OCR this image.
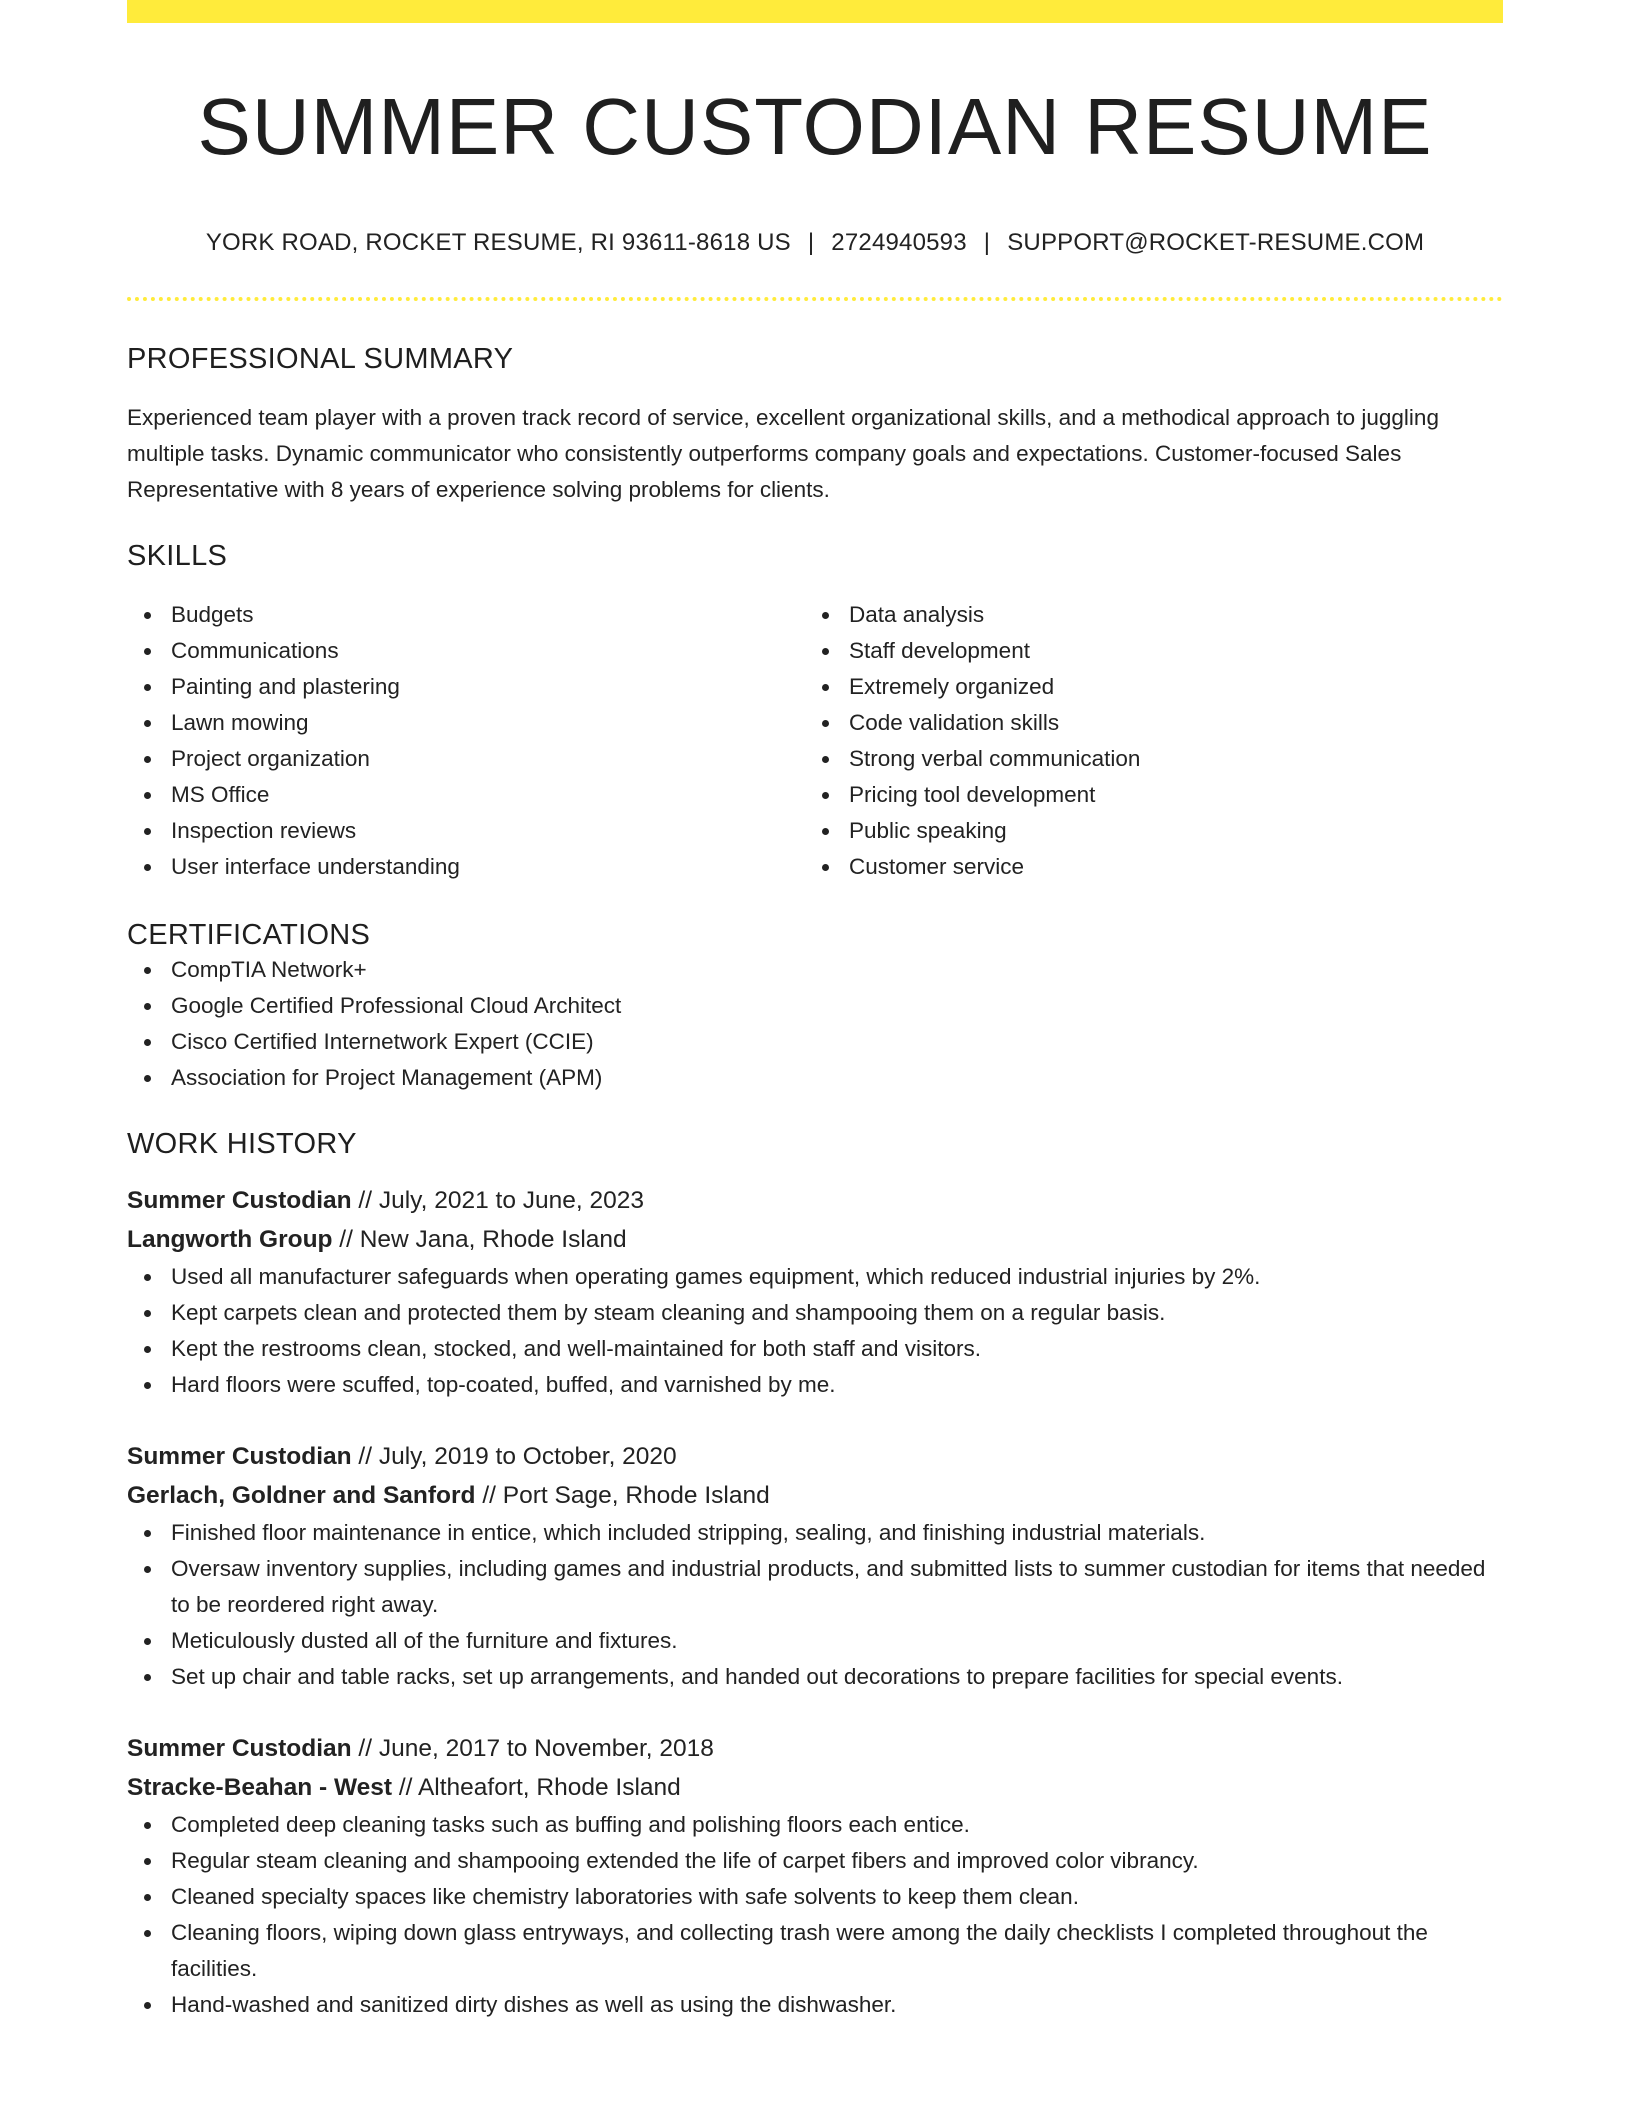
SUMMER CUSTODIAN RESUME
YORK ROAD, ROCKET RESUME, RI 93611-8618 US | 2724940593 | SUPPORT@ROCKET-RESUME.COM
PROFESSIONAL SUMMARY

Experienced team player with a proven track record of service, excellent organizational skills, and a methodical approach to juggling multiple tasks. Dynamic communicator who consistently outperforms company goals and expectations. Customer-focused Sales Representative with 8 years of experience solving problems for clients.

SKILLS
Budgets
Communications
Painting and plastering
Lawn mowing
Project organization
MS Office
Inspection reviews
User interface understanding
Data analysis
Staff development
Extremely organized
Code validation skills
Strong verbal communication
Pricing tool development
Public speaking
Customer service
CERTIFICATIONS
CompTIA Network+
Google Certified Professional Cloud Architect
Cisco Certified Internetwork Expert (CCIE)
Association for Project Management (APM)
WORK HISTORY
Summer Custodian // July, 2021 to June, 2023
Langworth Group // New Jana, Rhode Island
Used all manufacturer safeguards when operating games equipment, which reduced industrial injuries by 2%.
Kept carpets clean and protected them by steam cleaning and shampooing them on a regular basis.
Kept the restrooms clean, stocked, and well-maintained for both staff and visitors.
Hard floors were scuffed, top-coated, buffed, and varnished by me.
Summer Custodian // July, 2019 to October, 2020
Gerlach, Goldner and Sanford // Port Sage, Rhode Island
Finished floor maintenance in entice, which included stripping, sealing, and finishing industrial materials.
Oversaw inventory supplies, including games and industrial products, and submitted lists to summer custodian for items that needed to be reordered right away.
Meticulously dusted all of the furniture and fixtures.
Set up chair and table racks, set up arrangements, and handed out decorations to prepare facilities for special events.
Summer Custodian // June, 2017 to November, 2018
Stracke-Beahan - West // Altheafort, Rhode Island
Completed deep cleaning tasks such as buffing and polishing floors each entice.
Regular steam cleaning and shampooing extended the life of carpet fibers and improved color vibrancy.
Cleaned specialty spaces like chemistry laboratories with safe solvents to keep them clean.
Cleaning floors, wiping down glass entryways, and collecting trash were among the daily checklists I completed throughout the facilities.
Hand-washed and sanitized dirty dishes as well as using the dishwasher.
